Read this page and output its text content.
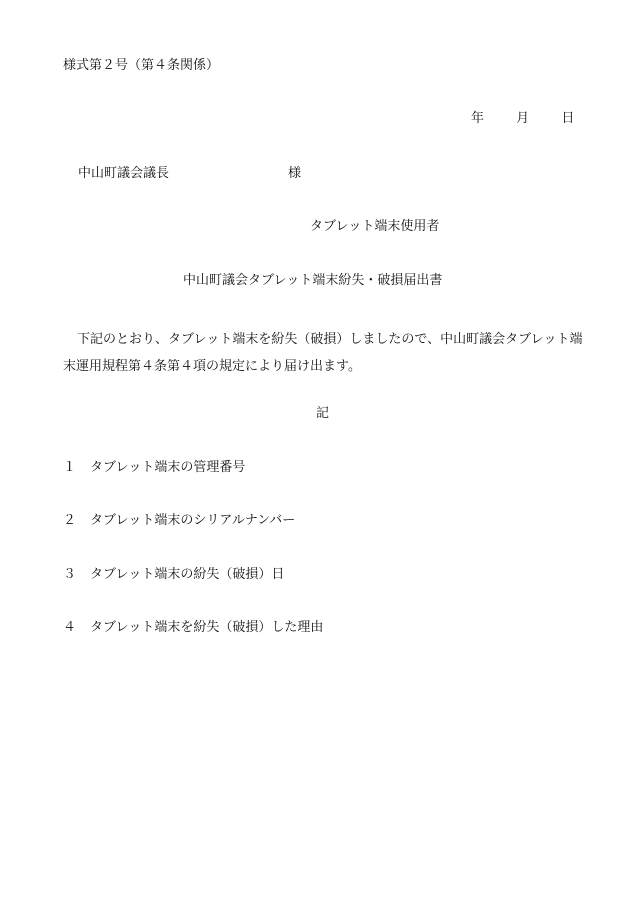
様式第２号（第４条関係）
年 月 日
中山町議会議長	様
タブレット端末使用者
中山町議会タブレット端末紛失・破損届出書
下記のとおり、タブレット端末を紛失（破損）しましたので、中山町議会タブレット端末運用規程第４条第４項の規定により届け出ます。
記
１ タブレット端末の管理番号
２ タブレット端末のシリアルナンバー
３ タブレット端末の紛失（破損）日
４ タブレット端末を紛失（破損）した理由
